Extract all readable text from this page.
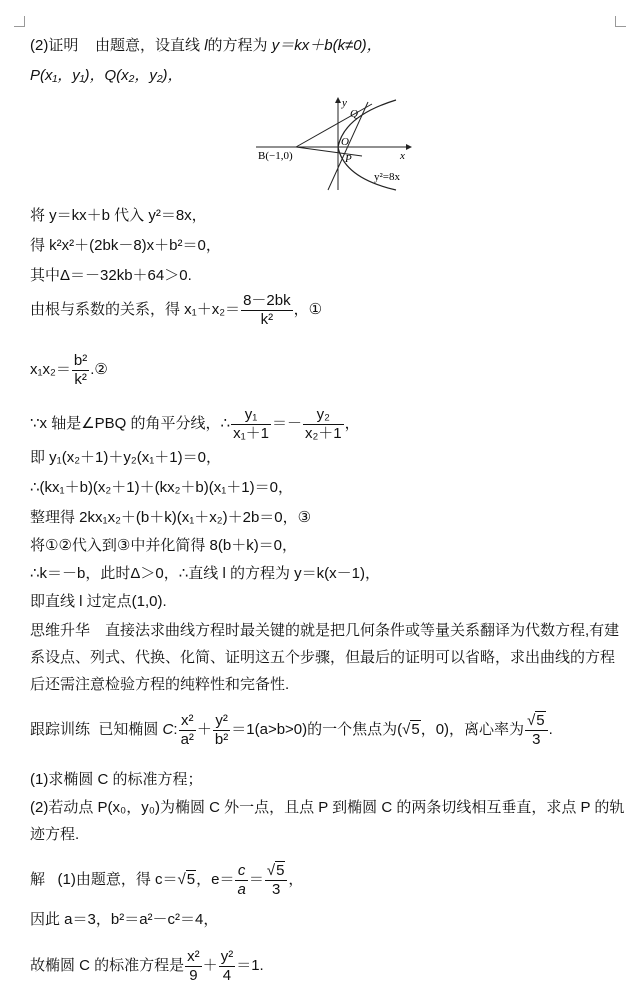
(2)证明 由题意，设直线 l的方程为 y＝kx＋b(k≠0)，
P(x₁，y₁)，Q(x₂，y₂)，
y
x
B(−1,0)
O
P
Q
y²=8x
将 y＝kx＋b 代入 y²＝8x，
得 k²x²＋(2bk－8)x＋b²＝0，
其中Δ＝－32kb＋64＞0.
由根与系数的关系，得 $x_1+x_2= \frac{8-2bk}{\text{k²}}$ ，①
$x_1x_2= \frac{\text{b²}}{\text{k²}}$ .②
∵x 轴是∠PBQ 的角平分线，∴ $\frac{\text{y₁}}{\text{x₁＋1}} =- \frac{\text{y₂}}{\text{x₂＋1}}$ ，
即 y₁(x₂＋1)＋y₂(x₁＋1)＝0，
∴(kx₁＋b)(x₂＋1)＋(kx₂＋b)(x₁＋1)＝0，
整理得 2kx₁x₂＋(b＋k)(x₁＋x₂)＋2b＝0，③
将①②代入到③中并化简得 8(b＋k)＝0，
∴k＝－b，此时Δ＞0，∴直线 l 的方程为 y＝k(x－1)，
即直线 l 过定点(1,0).
思维升华　直接法求曲线方程时最关键的就是把几何条件或等量关系翻译为代数方程,有建系设点、列式、代换、化简、证明这五个步骤，但最后的证明可以省略，求出曲线的方程后还需注意检验方程的纯粹性和完备性.
跟踪训练 已知椭圆 C: $\frac{\text{x²}}{\text{a²}} + \frac{\text{y²}}{\text{b²}} =1(a>b>0)$的一个焦点为(√5，0)，离心率为 $\frac{√5}{3}$ .
(1)求椭圆 C 的标准方程；
(2)若动点 P(x₀，y₀)为椭圆 C 外一点，且点 P 到椭圆 C 的两条切线相互垂直，求点 P 的轨迹方程.
解 (1)由题意，得 c＝√5，$e= \frac{c}{a} = \frac{√5}{3}$ ，
因此 a＝3，b²＝a²－c²＝4，
故椭圆 C 的标准方程是 $\frac{\text{x²}}{9} + \frac{\text{y²}}{4} =1$.
